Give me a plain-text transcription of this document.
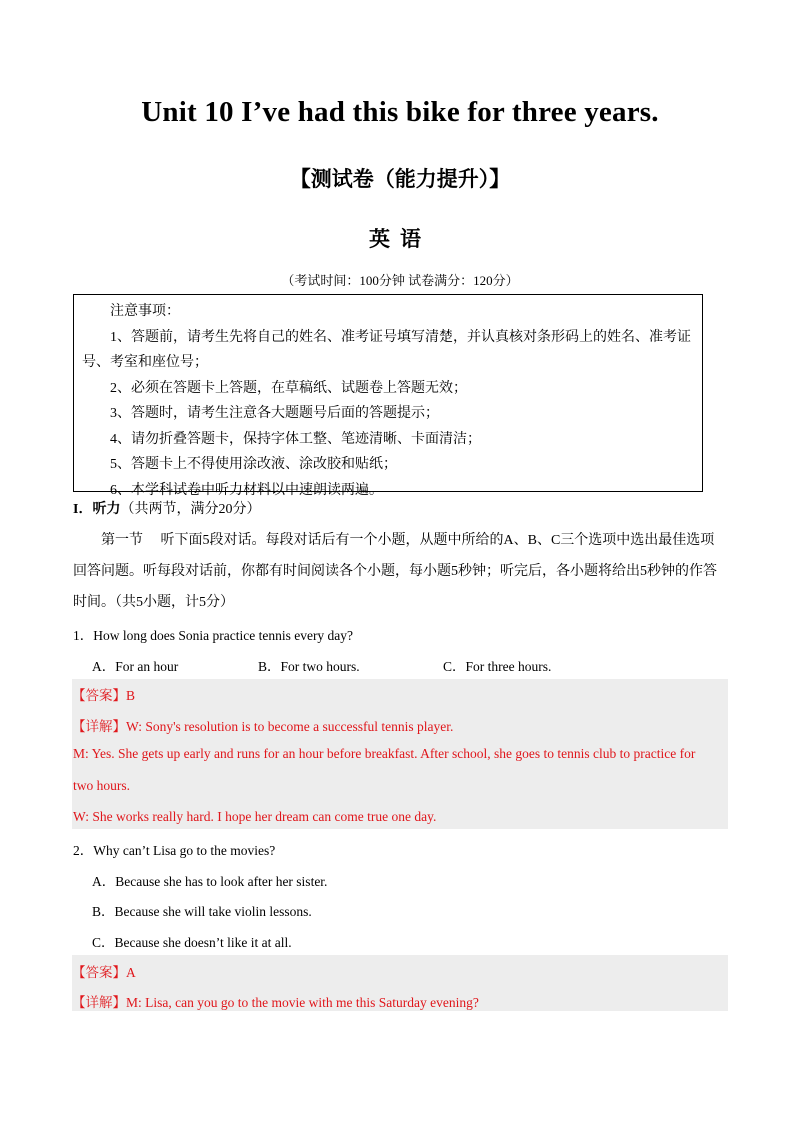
Unit 10 I’ve had this bike for three years.
【测试卷（能力提升）】
英语
（考试时间：100分钟 试卷满分：120分）
注意事项：
1、答题前，请考生先将自己的姓名、准考证号填写清楚，并认真核对条形码上的姓名、准考证号、考室和座位号；
2、必须在答题卡上答题，在草稿纸、试题卷上答题无效；
3、答题时，请考生注意各大题题号后面的答题提示；
4、请勿折叠答题卡，保持字体工整、笔迹清晰、卡面清洁；
5、答题卡上不得使用涂改液、涂改胶和贴纸；
6、本学科试卷中听力材料以中速朗读两遍。
I．听力（共两节，满分20分）
第一节　 听下面5段对话。每段对话后有一个小题，从题中所给的A、B、C三个选项中选出最佳选项回答问题。听每段对话前，你都有时间阅读各个小题，每小题5秒钟；听完后，各小题将给出5秒钟的作答时间。（共5小题，计5分）
1．How long does Sonia practice tennis every day?
A．For an hour	B．For two hours.	C．For three hours.
【答案】B
【详解】W: Sony's resolution is to become a successful tennis player.
M: Yes. She gets up early and runs for an hour before breakfast. After school, she goes to tennis club to practice for
two hours.
W: She works really hard. I hope her dream can come true one day.
2．Why can’t Lisa go to the movies?
A．Because she has to look after her sister.
B．Because she will take violin lessons.
C．Because she doesn’t like it at all.
【答案】A
【详解】M: Lisa, can you go to the movie with me this Saturday evening?
